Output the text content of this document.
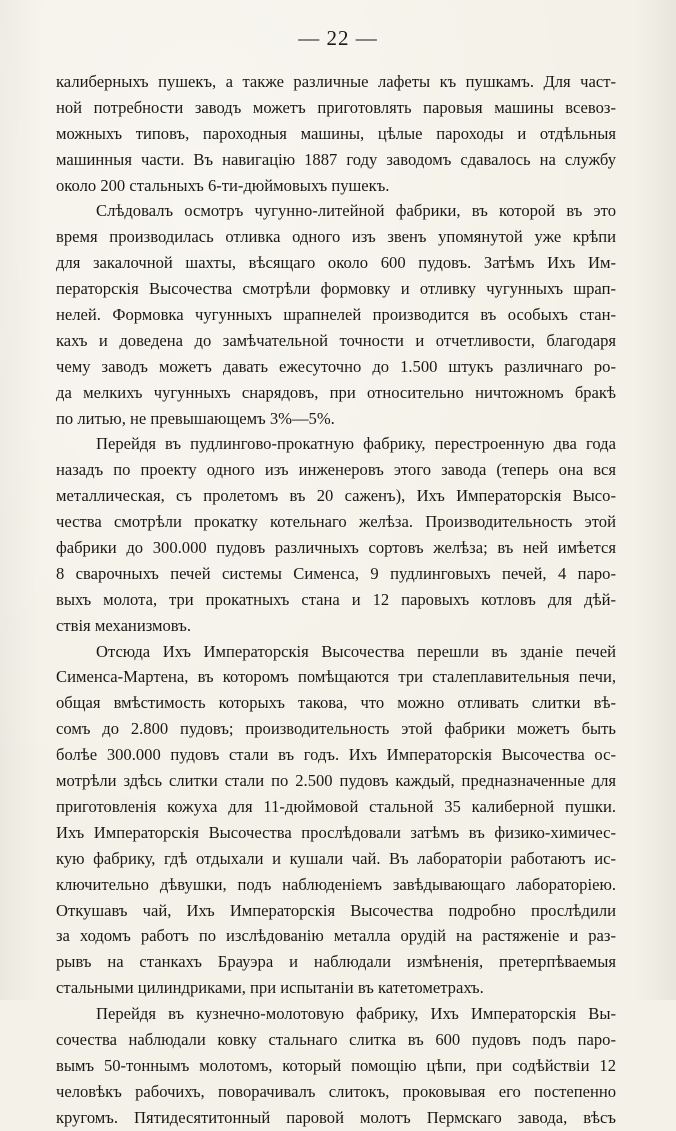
— 22 —
калиберныхъ пушекъ, а также различные лафеты къ пушкамъ. Для част-
ной потребности заводъ можетъ приготовлять паровыя машины всевоз-
можныхъ типовъ, пароходныя машины, цѣлые пароходы и отдѣльныя
машинныя части. Въ навигацію 1887 году заводомъ сдавалось на службу
около 200 стальныхъ 6-ти-дюймовыхъ пушекъ.
Слѣдовалъ осмотръ чугунно-литейной фабрики, въ которой въ это
время производилась отливка одного изъ звенъ упомянутой уже крѣпи
для закалочной шахты, вѣсящаго около 600 пудовъ. Затѣмъ Ихъ Им-
ператорскія Высочества смотрѣли формовку и отливку чугунныхъ шрап-
нелей. Формовка чугунныхъ шрапнелей производится въ особыхъ стан-
кахъ и доведена до замѣчательной точности и отчетливости, благодаря
чему заводъ можетъ давать ежесуточно до 1.500 штукъ различнаго ро-
да мелкихъ чугунныхъ снарядовъ, при относительно ничтожномъ бракѣ
по литью, не превышающемъ 3%—5%.
Перейдя въ пудлингово-прокатную фабрику, перестроенную два года
назадъ по проекту одного изъ инженеровъ этого завода (теперь она вся
металлическая, съ пролетомъ въ 20 саженъ), Ихъ Императорскія Высо-
чества смотрѣли прокатку котельнаго желѣза. Производительность этой
фабрики до 300.000 пудовъ различныхъ сортовъ желѣза; въ ней имѣется
8 сварочныхъ печей системы Сименса, 9 пудлинговыхъ печей, 4 паро-
выхъ молота, три прокатныхъ стана и 12 паровыхъ котловъ для дѣй-
ствія механизмовъ.
Отсюда Ихъ Императорскія Высочества перешли въ зданіе печей
Сименса-Мартена, въ которомъ помѣщаются три сталеплавительныя печи,
общая вмѣстимость которыхъ такова, что можно отливать слитки вѣ-
сомъ до 2.800 пудовъ; производительность этой фабрики можетъ быть
болѣе 300.000 пудовъ стали въ годъ. Ихъ Императорскія Высочества ос-
мотрѣли здѣсь слитки стали по 2.500 пудовъ каждый, предназначенные для
приготовленія кожуха для 11-дюймовой стальной 35 калиберной пушки.
Ихъ Императорскія Высочества прослѣдовали затѣмъ въ физико-химичес-
кую фабрику, гдѣ отдыхали и кушали чай. Въ лабораторіи работаютъ ис-
ключительно дѣвушки, подъ наблюденіемъ завѣдывающаго лабораторіею.
Откушавъ чай, Ихъ Императорскія Высочества подробно прослѣдили
за ходомъ работъ по изслѣдованію металла орудій на растяженіе и раз-
рывъ на станкахъ Брауэра и наблюдали измѣненія, претерпѣваемыя
стальными цилиндриками, при испытаніи въ катетометрахъ.
Перейдя въ кузнечно-молотовую фабрику, Ихъ Императорскія Вы-
сочества наблюдали ковку стальнаго слитка въ 600 пудовъ подъ паро-
вымъ 50-тоннымъ молотомъ, который помощію цѣпи, при содѣйствіи 12
человѣкъ рабочихъ, поворачивалъ слитокъ, проковывая его постепенно
кругомъ. Пятидесятитонный паровой молотъ Пермскаго завода, вѣсъ
